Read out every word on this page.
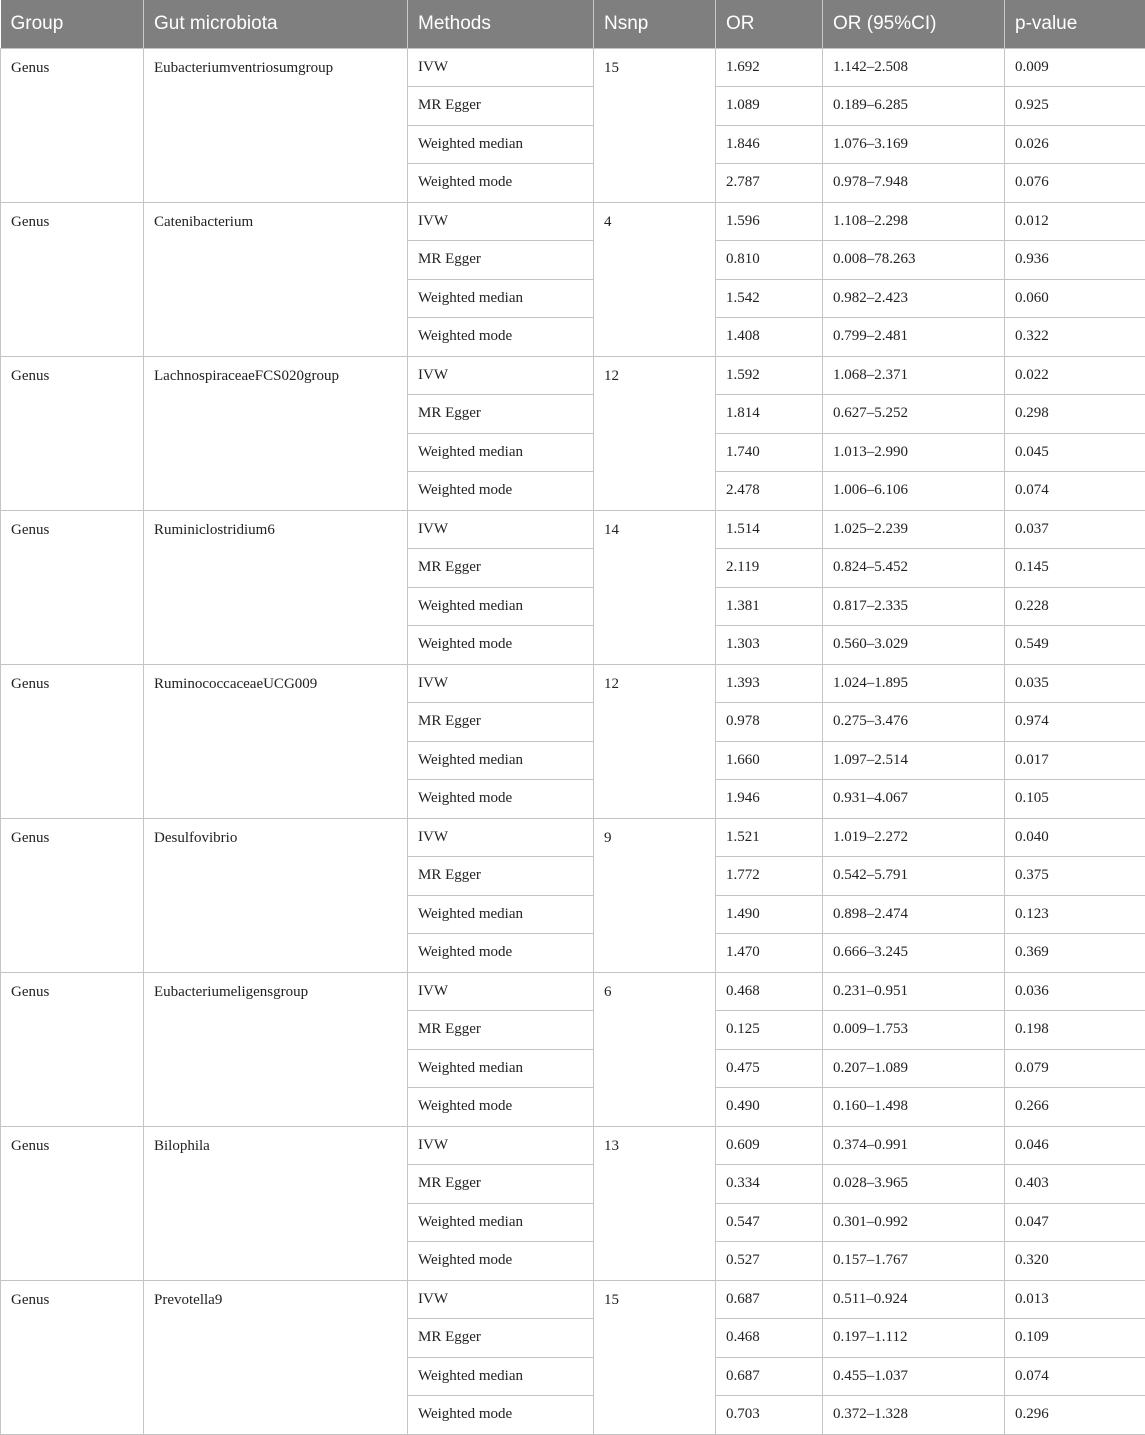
Group	Gut microbiota	Methods	Nsnp	OR	OR (95%CI)	p-value
Genus	Eubacteriumventriosumgroup	IVW	15	1.692	1.142–2.508	0.009
		MR Egger		1.089	0.189–6.285	0.925
		Weighted median		1.846	1.076–3.169	0.026
		Weighted mode		2.787	0.978–7.948	0.076
Genus	Catenibacterium	IVW	4	1.596	1.108–2.298	0.012
		MR Egger		0.810	0.008–78.263	0.936
		Weighted median		1.542	0.982–2.423	0.060
		Weighted mode		1.408	0.799–2.481	0.322
Genus	LachnospiraceaeFCS020group	IVW	12	1.592	1.068–2.371	0.022
		MR Egger		1.814	0.627–5.252	0.298
		Weighted median		1.740	1.013–2.990	0.045
		Weighted mode		2.478	1.006–6.106	0.074
Genus	Ruminiclostridium6	IVW	14	1.514	1.025–2.239	0.037
		MR Egger		2.119	0.824–5.452	0.145
		Weighted median		1.381	0.817–2.335	0.228
		Weighted mode		1.303	0.560–3.029	0.549
Genus	RuminococcaceaeUCG009	IVW	12	1.393	1.024–1.895	0.035
		MR Egger		0.978	0.275–3.476	0.974
		Weighted median		1.660	1.097–2.514	0.017
		Weighted mode		1.946	0.931–4.067	0.105
Genus	Desulfovibrio	IVW	9	1.521	1.019–2.272	0.040
		MR Egger		1.772	0.542–5.791	0.375
		Weighted median		1.490	0.898–2.474	0.123
		Weighted mode		1.470	0.666–3.245	0.369
Genus	Eubacteriumeligensgroup	IVW	6	0.468	0.231–0.951	0.036
		MR Egger		0.125	0.009–1.753	0.198
		Weighted median		0.475	0.207–1.089	0.079
		Weighted mode		0.490	0.160–1.498	0.266
Genus	Bilophila	IVW	13	0.609	0.374–0.991	0.046
		MR Egger		0.334	0.028–3.965	0.403
		Weighted median		0.547	0.301–0.992	0.047
		Weighted mode		0.527	0.157–1.767	0.320
Genus	Prevotella9	IVW	15	0.687	0.511–0.924	0.013
		MR Egger		0.468	0.197–1.112	0.109
		Weighted median		0.687	0.455–1.037	0.074
		Weighted mode		0.703	0.372–1.328	0.296
